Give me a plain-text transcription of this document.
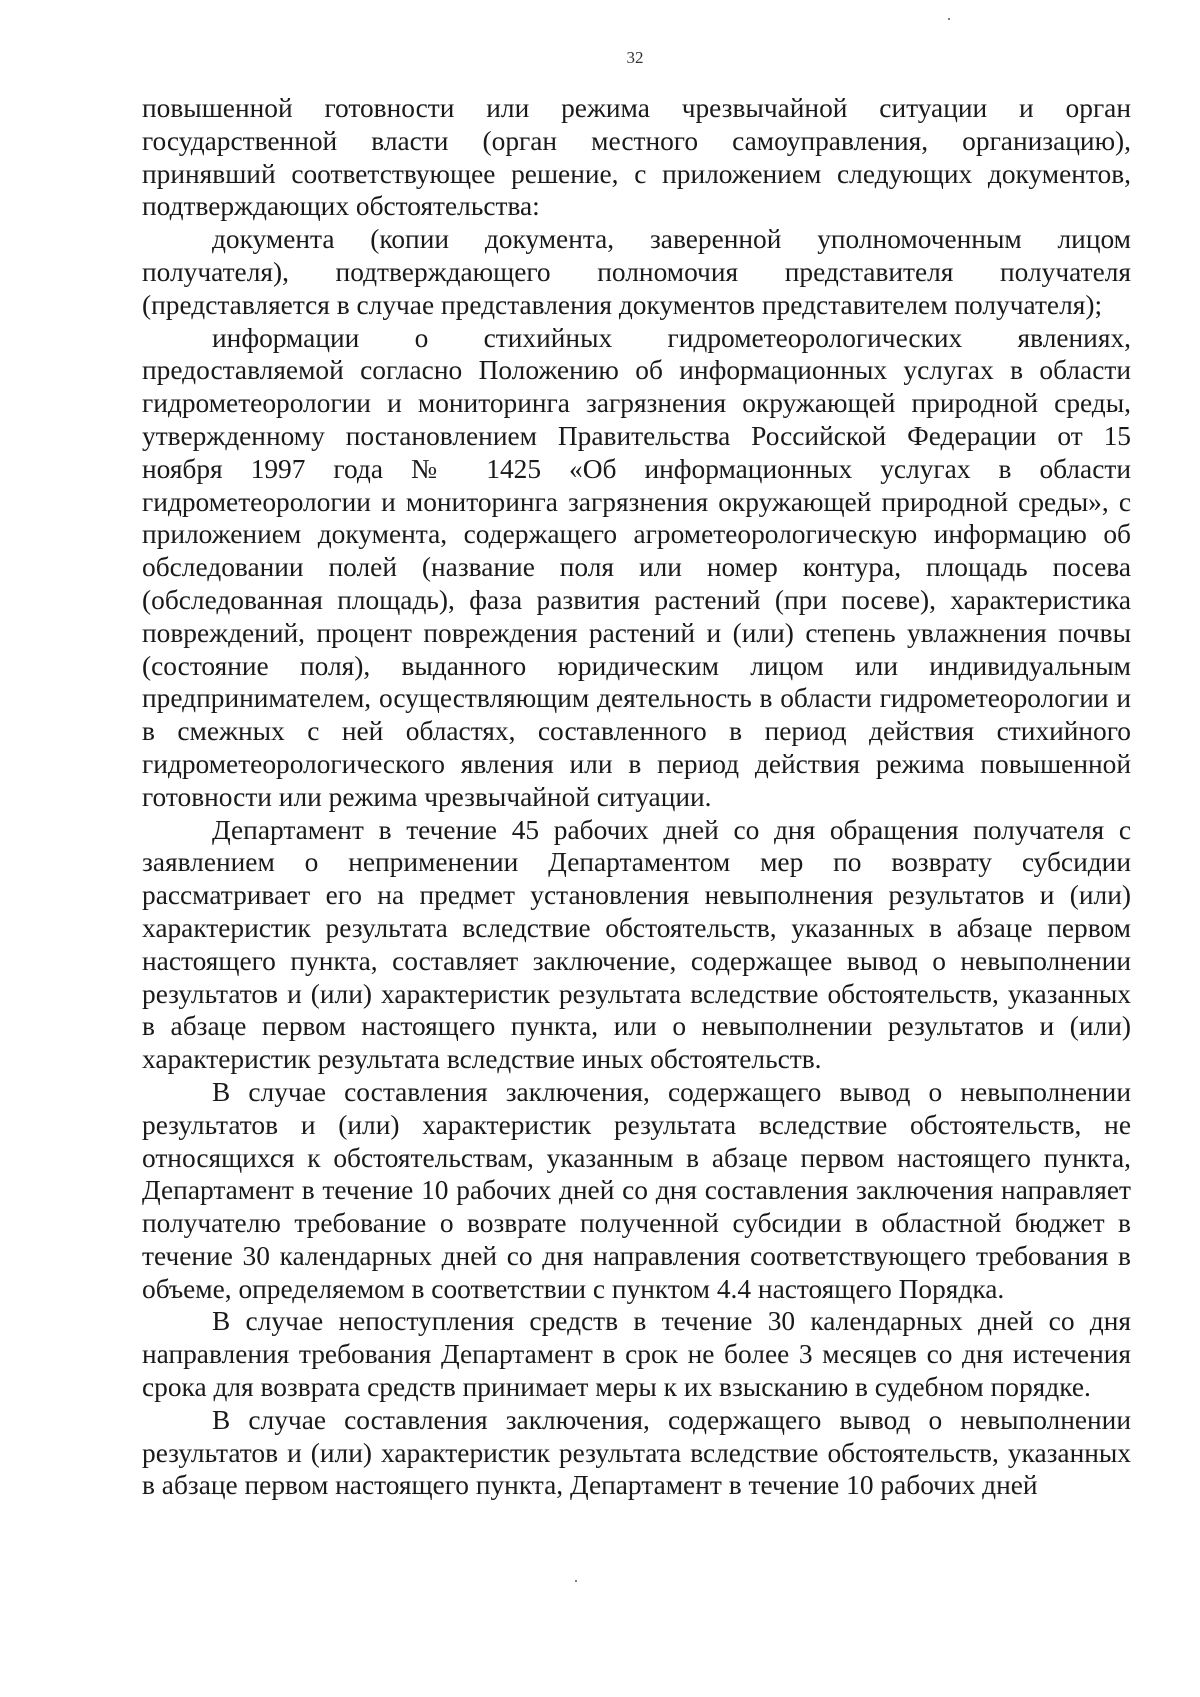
32

повышенной готовности или режима чрезвычайной ситуации и орган государственной власти (орган местного самоуправления, организацию), принявший соответствующее решение, с приложением следующих документов, подтверждающих обстоятельства:

документа (копии документа, заверенной уполномоченным лицом получателя), подтверждающего полномочия представителя получателя (представляется в случае представления документов представителем получателя);

информации о стихийных гидрометеорологических явлениях, предоставляемой согласно Положению об информационных услугах в области гидрометеорологии и мониторинга загрязнения окружающей природной среды, утвержденному постановлением Правительства Российской Федерации от 15 ноября 1997 года № 1425 «Об информационных услугах в области гидрометеорологии и мониторинга загрязнения окружающей природной среды», с приложением документа, содержащего агрометеорологическую информацию об обследовании полей (название поля или номер контура, площадь посева (обследованная площадь), фаза развития растений (при посеве), характеристика повреждений, процент повреждения растений и (или) степень увлажнения почвы (состояние поля), выданного юридическим лицом или индивидуальным предпринимателем, осуществляющим деятельность в области гидрометеорологии и в смежных с ней областях, составленного в период действия стихийного гидрометеорологического явления или в период действия режима повышенной готовности или режима чрезвычайной ситуации.

Департамент в течение 45 рабочих дней со дня обращения получателя с заявлением о неприменении Департаментом мер по возврату субсидии рассматривает его на предмет установления невыполнения результатов и (или) характеристик результата вследствие обстоятельств, указанных в абзаце первом настоящего пункта, составляет заключение, содержащее вывод о невыполнении результатов и (или) характеристик результата вследствие обстоятельств, указанных в абзаце первом настоящего пункта, или о невыполнении результатов и (или) характеристик результата вследствие иных обстоятельств.

В случае составления заключения, содержащего вывод о невыполнении результатов и (или) характеристик результата вследствие обстоятельств, не относящихся к обстоятельствам, указанным в абзаце первом настоящего пункта, Департамент в течение 10 рабочих дней со дня составления заключения направляет получателю требование о возврате полученной субсидии в областной бюджет в течение 30 календарных дней со дня направления соответствующего требования в объеме, определяемом в соответствии с пунктом 4.4 настоящего Порядка.

В случае непоступления средств в течение 30 календарных дней со дня направления требования Департамент в срок не более 3 месяцев со дня истечения срока для возврата средств принимает меры к их взысканию в судебном порядке.

В случае составления заключения, содержащего вывод о невыполнении результатов и (или) характеристик результата вследствие обстоятельств, указанных в абзаце первом настоящего пункта, Департамент в течение 10 рабочих дней
